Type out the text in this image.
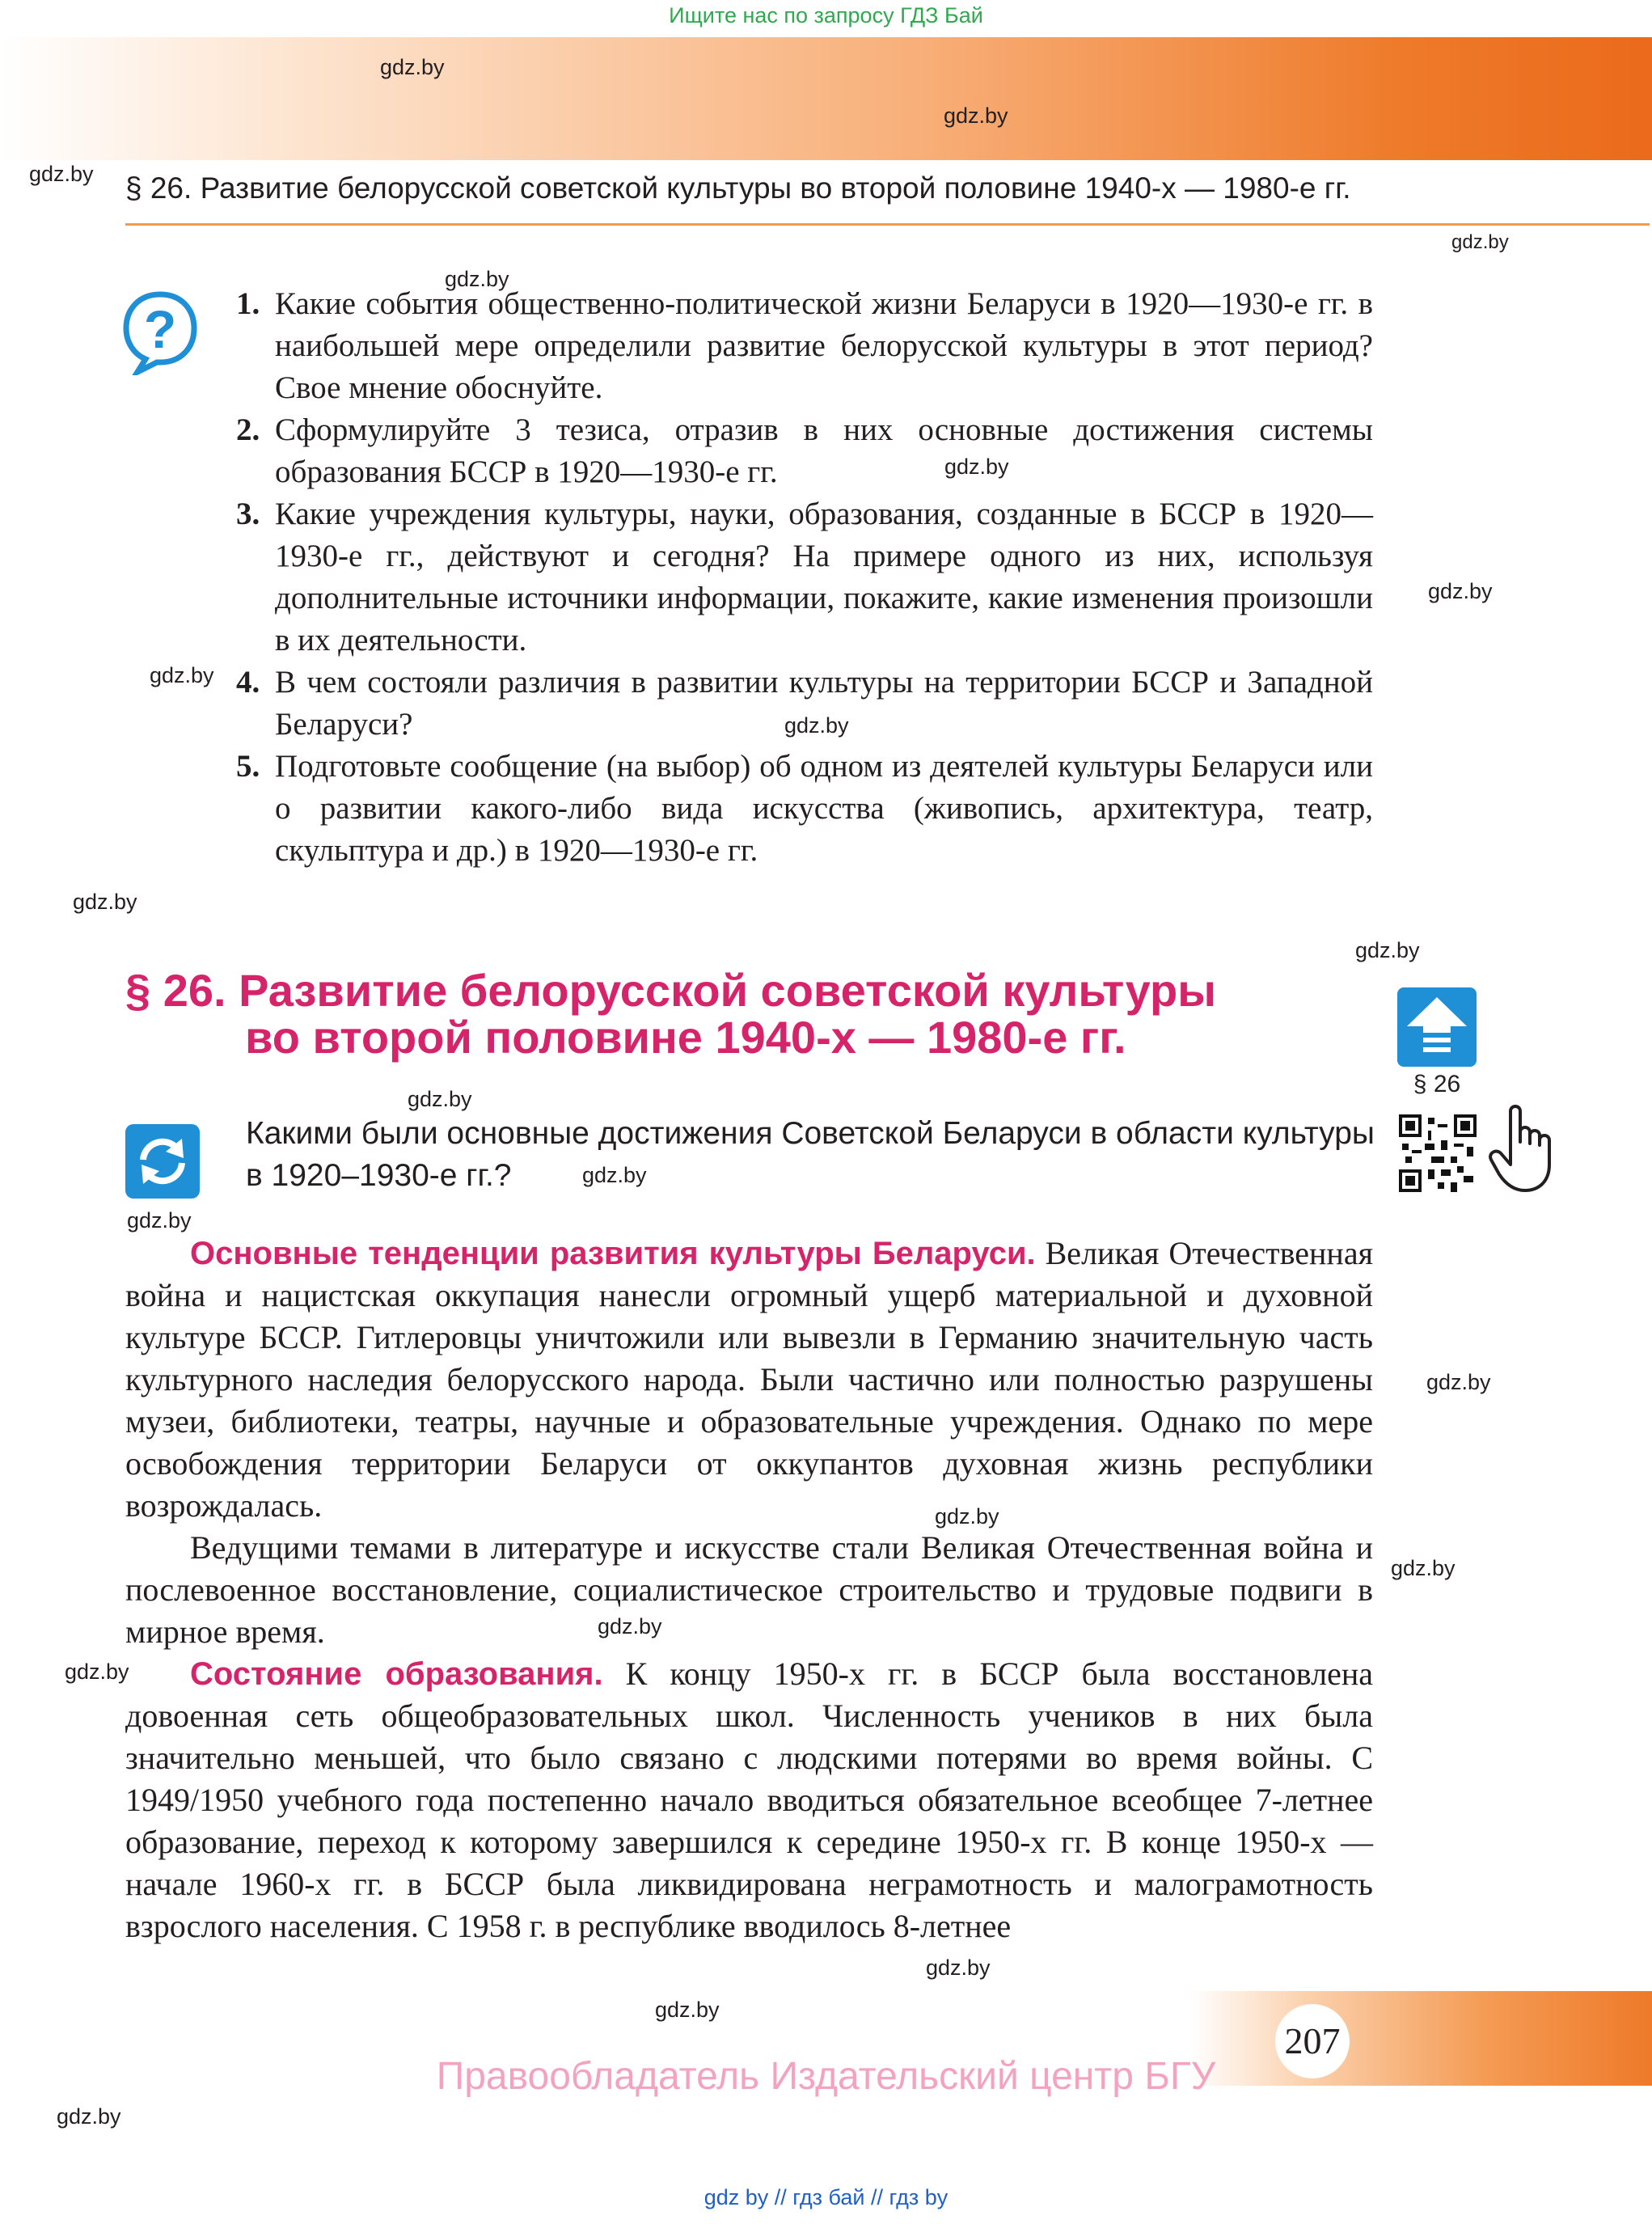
Ищите нас по запросу ГДЗ Бай
§ 26. Развитие белорусской советской культуры во второй половине 1940-х — 1980-е гг.
gdz.by
gdz.by
gdz.by
gdz.by
gdz.by
gdz.by
gdz.by
gdz.by
gdz.by
gdz.by
gdz.by
gdz.by
gdz.by
gdz.by
gdz.by
gdz.by
gdz.by
gdz.by
gdz.by
gdz.by
gdz.by
gdz.by
? 1. Какие события общественно-политической жизни Беларуси в 1920—1930-е гг. в наибольшей мере определили развитие белорусской культуры в этот период? Свое мнение обоснуйте.
2. Сформулируйте 3 тезиса, отразив в них основные достижения системы образования БССР в 1920—1930-е гг.
3. Какие учреждения культуры, науки, образования, созданные в БССР в 1920—1930-е гг., действуют и сегодня? На примере одного из них, используя дополнительные источники информации, покажите, какие изменения произошли в их деятельности.
4. В чем состояли различия в развитии культуры на территории БССР и Западной Беларуси?
5. Подготовьте сообщение (на выбор) об одном из деятелей культуры Беларуси или о развитии какого-либо вида искусства (живопись, архитектура, театр, скульптура и др.) в 1920—1930-е гг.
§ 26. Развитие белорусской советской культуры
во второй половине 1940-х — 1980-е гг.
§ 26
Какими были основные достижения Советской Беларуси в области культуры в 1920–1930-е гг.?

Основные тенденции развития культуры Беларуси. Великая Отечественная война и нацистская оккупация нанесли огромный ущерб материальной и духовной культуре БССР. Гитлеровцы уничтожили или вывезли в Германию значительную часть культурного наследия белорусского народа. Были частично или полностью разрушены музеи, библиотеки, театры, научные и образовательные учреждения. Однако по мере освобождения территории Беларуси от оккупантов духовная жизнь республики возрождалась.

Ведущими темами в литературе и искусстве стали Великая Отечественная война и послевоенное восстановление, социалистическое строительство и трудовые подвиги в мирное время.

Состояние образования. К концу 1950-х гг. в БССР была восстановлена довоенная сеть общеобразовательных школ. Численность учеников в них была значительно меньшей, что было связано с людскими потерями во время войны. С 1949/1950 учебного года постепенно начало вводиться обязательное всеобщее 7-летнее образование, переход к которому завершился к середине 1950-х гг. В конце 1950-х — начале 1960-х гг. в БССР была ликвидирована неграмотность и малограмотность взрослого населения. С 1958 г. в республике вводилось 8-летнее

207
Правообладатель Издательский центр БГУ
gdz by // гдз бай // гдз by
